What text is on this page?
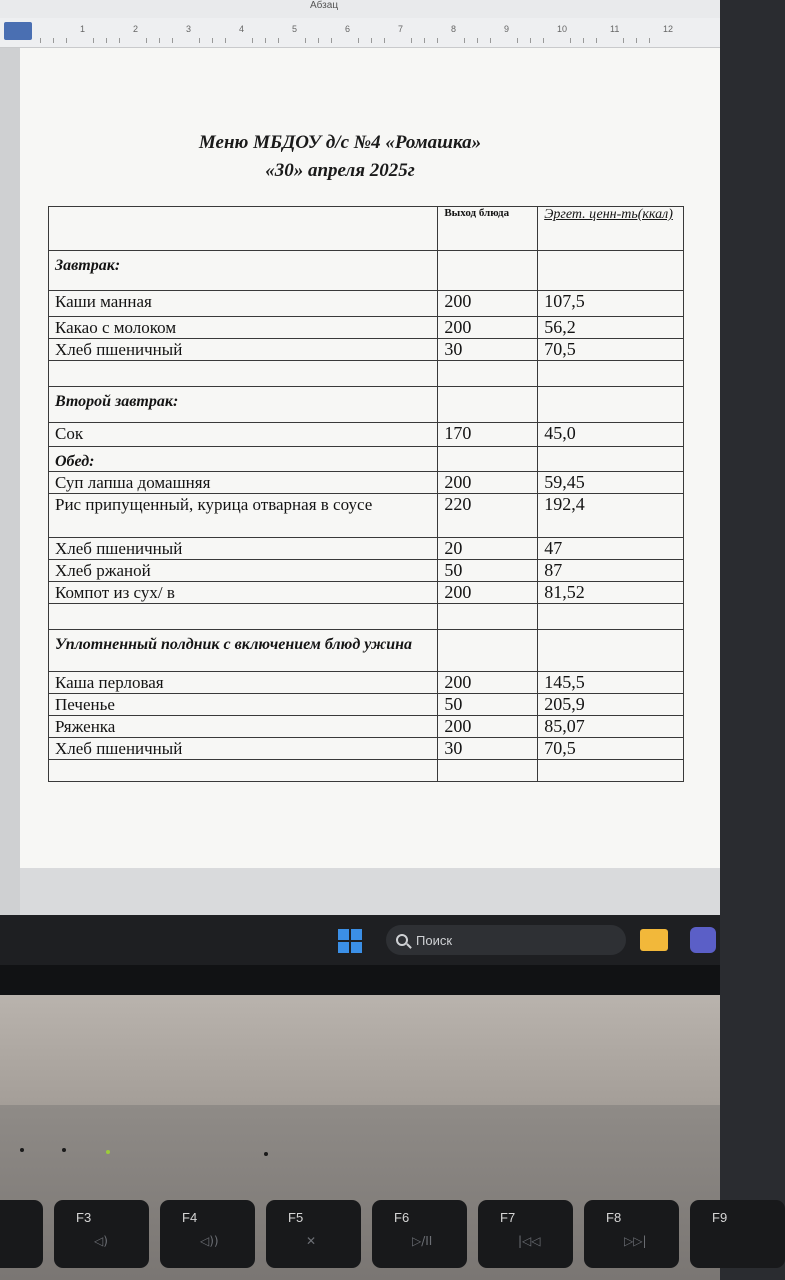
Абзац
1	2	3	4	5	6	7	8	9	10	11	12
Меню МБДОУ д/с №4 «Ромашка»
«30» апреля 2025г
	Выход блюда	Эргет. ценн-ть(ккал)
Завтрак:		
Каши манная	200	107,5
Какао с молоком	200	56,2
Хлеб пшеничный	30	70,5

Второй завтрак:		
Сок	170	45,0
Обед:		
Суп лапша домашняя	200	59,45
Рис припущенный, курица отварная в соусе	220	192,4
Хлеб пшеничный	20	47
Хлеб ржаной	50	87
Компот из сух/ в	200	81,52

Уплотненный полдник с включением блюд ужина		
Каша перловая	200	145,5
Печенье	50	205,9
Ряженка	200	85,07
Хлеб пшеничный	30	70,5

Поиск
F3
◁)
F4
◁))
F5
✕
F6
▷/II
F7
|◁◁
F8
▷▷|
F9
